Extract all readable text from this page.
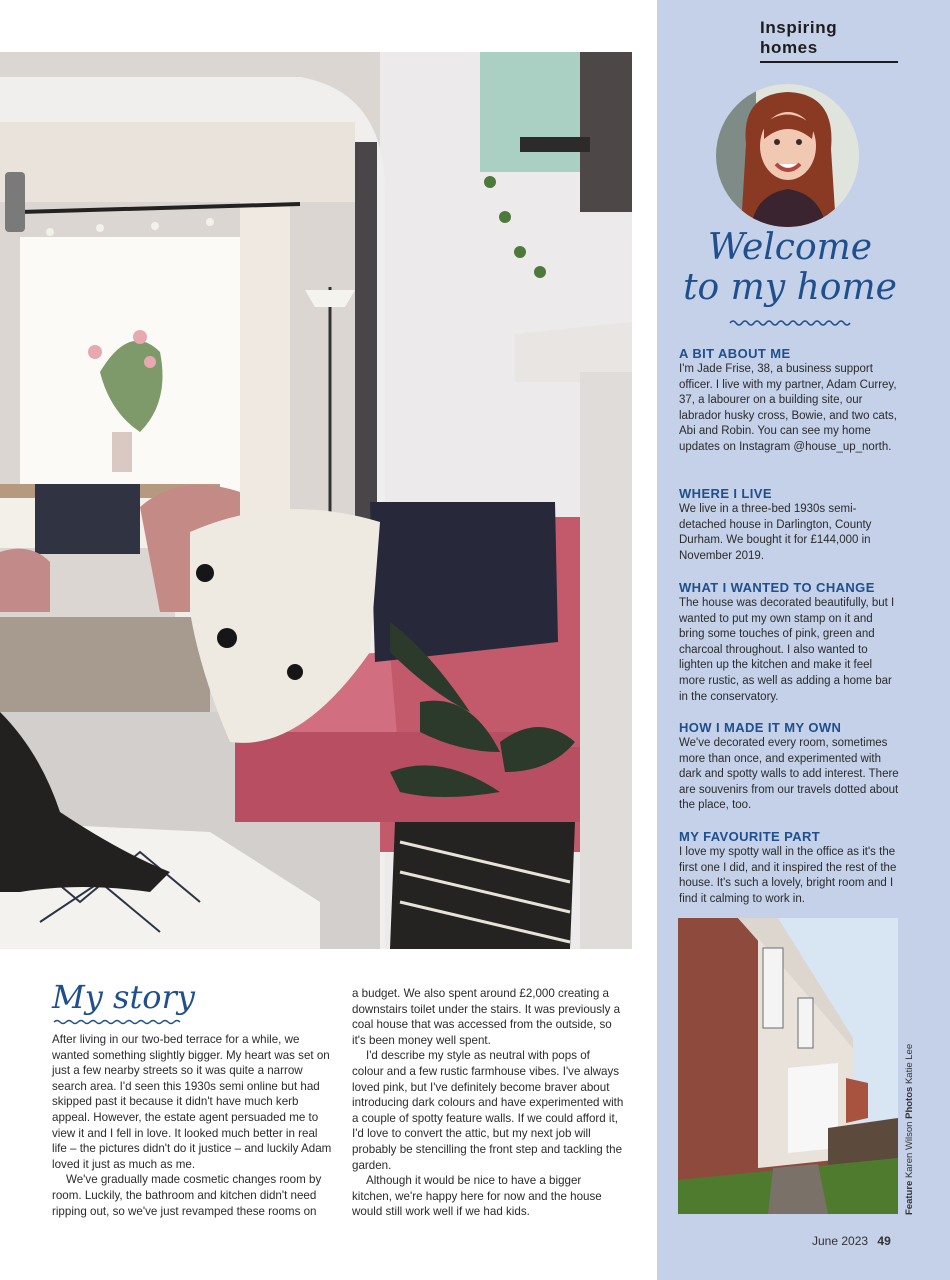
Inspiring homes
Welcome
to my home
A BIT ABOUT ME

I'm Jade Frise, 38, a business support officer. I live with my partner, Adam Currey, 37, a labourer on a building site, our labrador husky cross, Bowie, and two cats, Abi and Robin. You can see my home updates on Instagram @house_up_north.

WHERE I LIVE

We live in a three-bed 1930s semi-detached house in Darlington, County Durham. We bought it for £144,000 in November 2019.

WHAT I WANTED TO CHANGE

The house was decorated beautifully, but I wanted to put my own stamp on it and bring some touches of pink, green and charcoal throughout. I also wanted to lighten up the kitchen and make it feel more rustic, as well as adding a home bar in the conservatory.

HOW I MADE IT MY OWN

We've decorated every room, sometimes more than once, and experimented with dark and spotty walls to add interest. There are souvenirs from our travels dotted about the place, too.

MY FAVOURITE PART

I love my spotty wall in the office as it's the first one I did, and it inspired the rest of the house. It's such a lovely, bright room and I find it calming to work in.

Feature Karen Wilson Photos Katie Lee
My story

After living in our two-bed terrace for a while, we wanted something slightly bigger. My heart was set on just a few nearby streets so it was quite a narrow search area. I'd seen this 1930s semi online but had skipped past it because it didn't have much kerb appeal. However, the estate agent persuaded me to view it and I fell in love. It looked much better in real life – the pictures didn't do it justice – and luckily Adam loved it just as much as me.

We've gradually made cosmetic changes room by room. Luckily, the bathroom and kitchen didn't need ripping out, so we've just revamped these rooms on

a budget. We also spent around £2,000 creating a downstairs toilet under the stairs. It was previously a coal house that was accessed from the outside, so it's been money well spent.

I'd describe my style as neutral with pops of colour and a few rustic farmhouse vibes. I've always loved pink, but I've definitely become braver about introducing dark colours and have experimented with a couple of spotty feature walls. If we could afford it, I'd love to convert the attic, but my next job will probably be stencilling the front step and tackling the garden.

Although it would be nice to have a bigger kitchen, we're happy here for now and the house would still work well if we had kids.

June 2023 49
